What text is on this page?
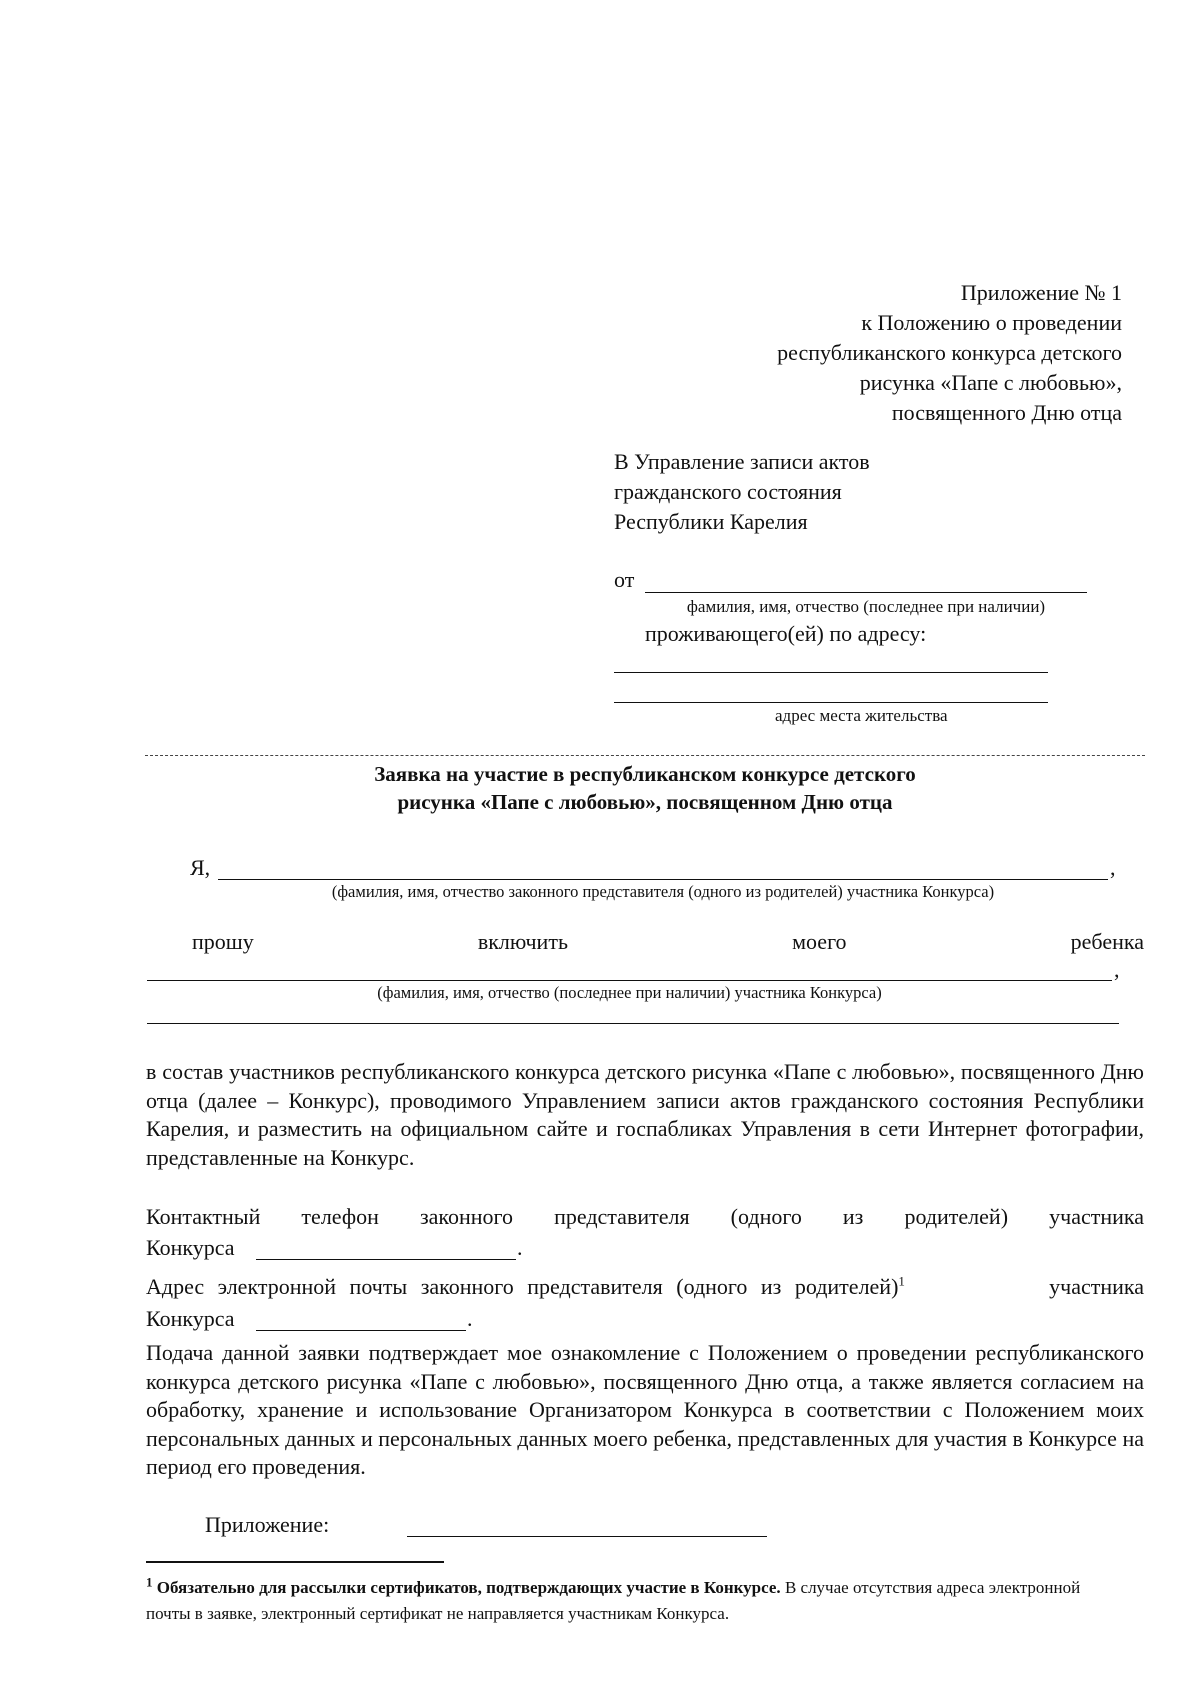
Приложение № 1
к Положению о проведении
республиканского конкурса детского
рисунка «Папе с любовью»,
посвященного Дню отца
В Управление записи актов
гражданского состояния
Республики Карелия
от
фамилия, имя, отчество (последнее при наличии)
проживающего(ей) по адресу:
адрес места жительства
Заявка на участие в республиканском конкурсе детского
рисунка «Папе с любовью», посвященном Дню отца
Я,	,
(фамилия, имя, отчество законного представителя (одного из родителей) участника Конкурса)
прошу	включить	моего	ребенка
,
(фамилия, имя, отчество (последнее при наличии) участника Конкурса)
в состав участников республиканского конкурса детского рисунка «Папе с любовью», посвященного Дню отца (далее – Конкурс), проводимого Управлением записи актов гражданского состояния Республики Карелия, и разместить на официальном сайте и госпабликах Управления в сети Интернет фотографии, представленные на Конкурс.
Контактный телефон законного представителя (одного из родителей) участника
Конкурса	.
Адрес электронной почты законного представителя (одного из родителей)$^1$	участника
Конкурса	.
Подача данной заявки подтверждает мое ознакомление с Положением о проведении республиканского конкурса детского рисунка «Папе с любовью», посвященного Дню отца, а также является согласием на обработку, хранение и использование Организатором Конкурса в соответствии с Положением моих персональных данных и персональных данных моего ребенка, представленных для участия в Конкурсе на период его проведения.
Приложение:
$^1$ Обязательно для рассылки сертификатов, подтверждающих участие в Конкурсе. В случае отсутствия адреса электронной почты в заявке, электронный сертификат не направляется участникам Конкурса.
